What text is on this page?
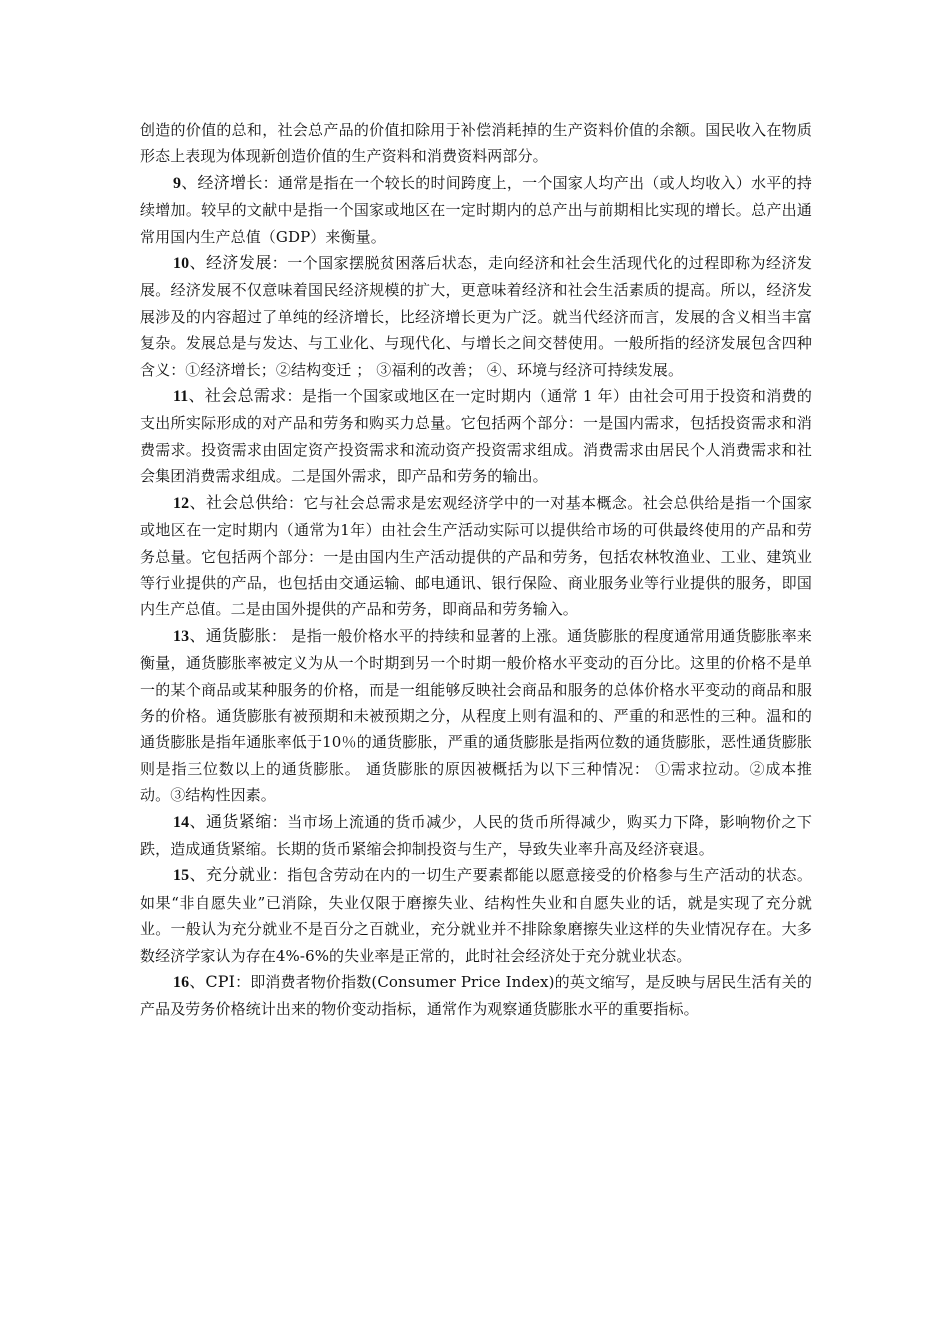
创造的价值的总和，社会总产品的价值扣除用于补偿消耗掉的生产资料价值的余额。国民收入在物质形态上表现为体现新创造价值的生产资料和消费资料两部分。

9、经济增长：通常是指在一个较长的时间跨度上，一个国家人均产出（或人均收入）水平的持续增加。较早的文献中是指一个国家或地区在一定时期内的总产出与前期相比实现的增长。总产出通常用国内生产总值（GDP）来衡量。

10、经济发展：一个国家摆脱贫困落后状态，走向经济和社会生活现代化的过程即称为经济发展。经济发展不仅意味着国民经济规模的扩大，更意味着经济和社会生活素质的提高。所以，经济发展涉及的内容超过了单纯的经济增长，比经济增长更为广泛。就当代经济而言，发展的含义相当丰富复杂。发展总是与发达、与工业化、与现代化、与增长之间交替使用。一般所指的经济发展包含四种含义：①经济增长；②结构变迁 ； ③福利的改善； ④、环境与经济可持续发展。

11、社会总需求：是指一个国家或地区在一定时期内（通常 1 年）由社会可用于投资和消费的支出所实际形成的对产品和劳务和购买力总量。它包括两个部分：一是国内需求，包括投资需求和消费需求。投资需求由固定资产投资需求和流动资产投资需求组成。消费需求由居民个人消费需求和社会集团消费需求组成。二是国外需求，即产品和劳务的输出。

12、社会总供给：它与社会总需求是宏观经济学中的一对基本概念。社会总供给是指一个国家或地区在一定时期内（通常为1年）由社会生产活动实际可以提供给市场的可供最终使用的产品和劳务总量。它包括两个部分：一是由国内生产活动提供的产品和劳务，包括农林牧渔业、工业、建筑业等行业提供的产品，也包括由交通运输、邮电通讯、银行保险、商业服务业等行业提供的服务，即国内生产总值。二是由国外提供的产品和劳务，即商品和劳务输入。

13、通货膨胀： 是指一般价格水平的持续和显著的上涨。通货膨胀的程度通常用通货膨胀率来衡量，通货膨胀率被定义为从一个时期到另一个时期一般价格水平变动的百分比。这里的价格不是单一的某个商品或某种服务的价格，而是一组能够反映社会商品和服务的总体价格水平变动的商品和服务的价格。通货膨胀有被预期和未被预期之分，从程度上则有温和的、严重的和恶性的三种。温和的通货膨胀是指年通胀率低于10％的通货膨胀，严重的通货膨胀是指两位数的通货膨胀，恶性通货膨胀则是指三位数以上的通货膨胀。 通货膨胀的原因被概括为以下三种情况： ①需求拉动。②成本推动。③结构性因素。

14、通货紧缩：当市场上流通的货币减少，人民的货币所得减少，购买力下降，影响物价之下跌，造成通货紧缩。长期的货币紧缩会抑制投资与生产，导致失业率升高及经济衰退。

15、充分就业：指包含劳动在内的一切生产要素都能以愿意接受的价格参与生产活动的状态。如果“非自愿失业”已消除，失业仅限于磨擦失业、结构性失业和自愿失业的话，就是实现了充分就业。一般认为充分就业不是百分之百就业，充分就业并不排除象磨擦失业这样的失业情况存在。大多数经济学家认为存在4%-6%的失业率是正常的，此时社会经济处于充分就业状态。

16、CPI：即消费者物价指数(Consumer Price Index)的英文缩写，是反映与居民生活有关的产品及劳务价格统计出来的物价变动指标，通常作为观察通货膨胀水平的重要指标。
